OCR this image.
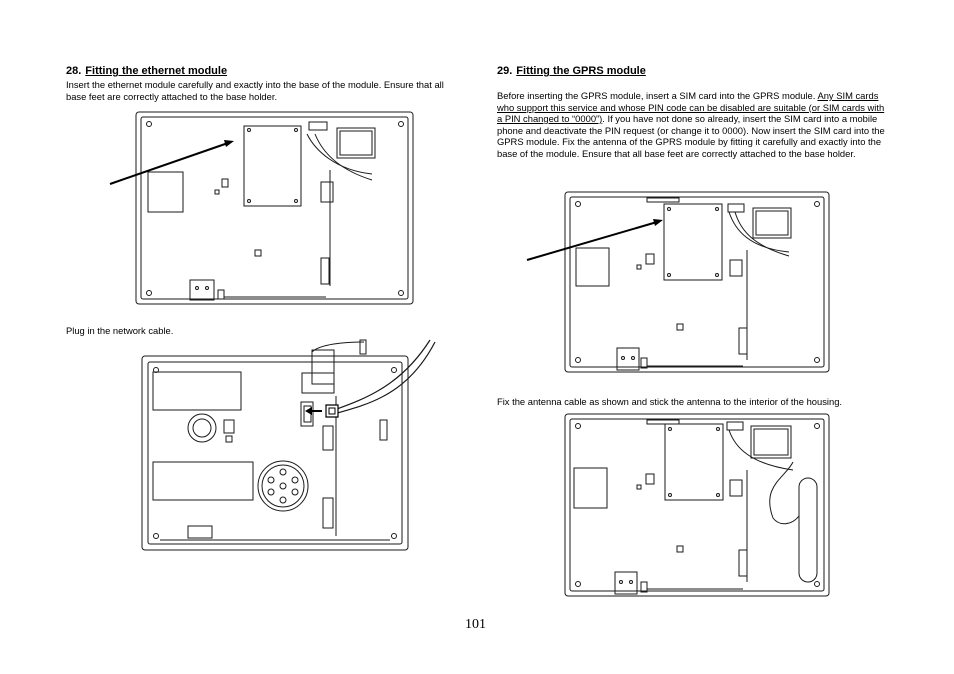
28. Fitting the ethernet module
Insert the ethernet module carefully and exactly into the base of the module. Ensure that all base feet are correctly attached to the base holder.
Plug in the network cable.
29. Fitting the GPRS module
Before inserting the GPRS module, insert a SIM card into the GPRS module. Any SIM cards who support this service and whose PIN code can be disabled are suitable (or SIM cards with a PIN changed to “0000”). If you have not done so already, insert the SIM card into a mobile phone and deactivate the PIN request (or change it to 0000). Now insert the SIM card into the GPRS module. Fix the antenna of the GPRS module by fitting it carefully and exactly into the base of the module. Ensure that all base feet are correctly attached to the base holder.
Fix the antenna cable as shown and stick the antenna to the interior of the housing.
101
